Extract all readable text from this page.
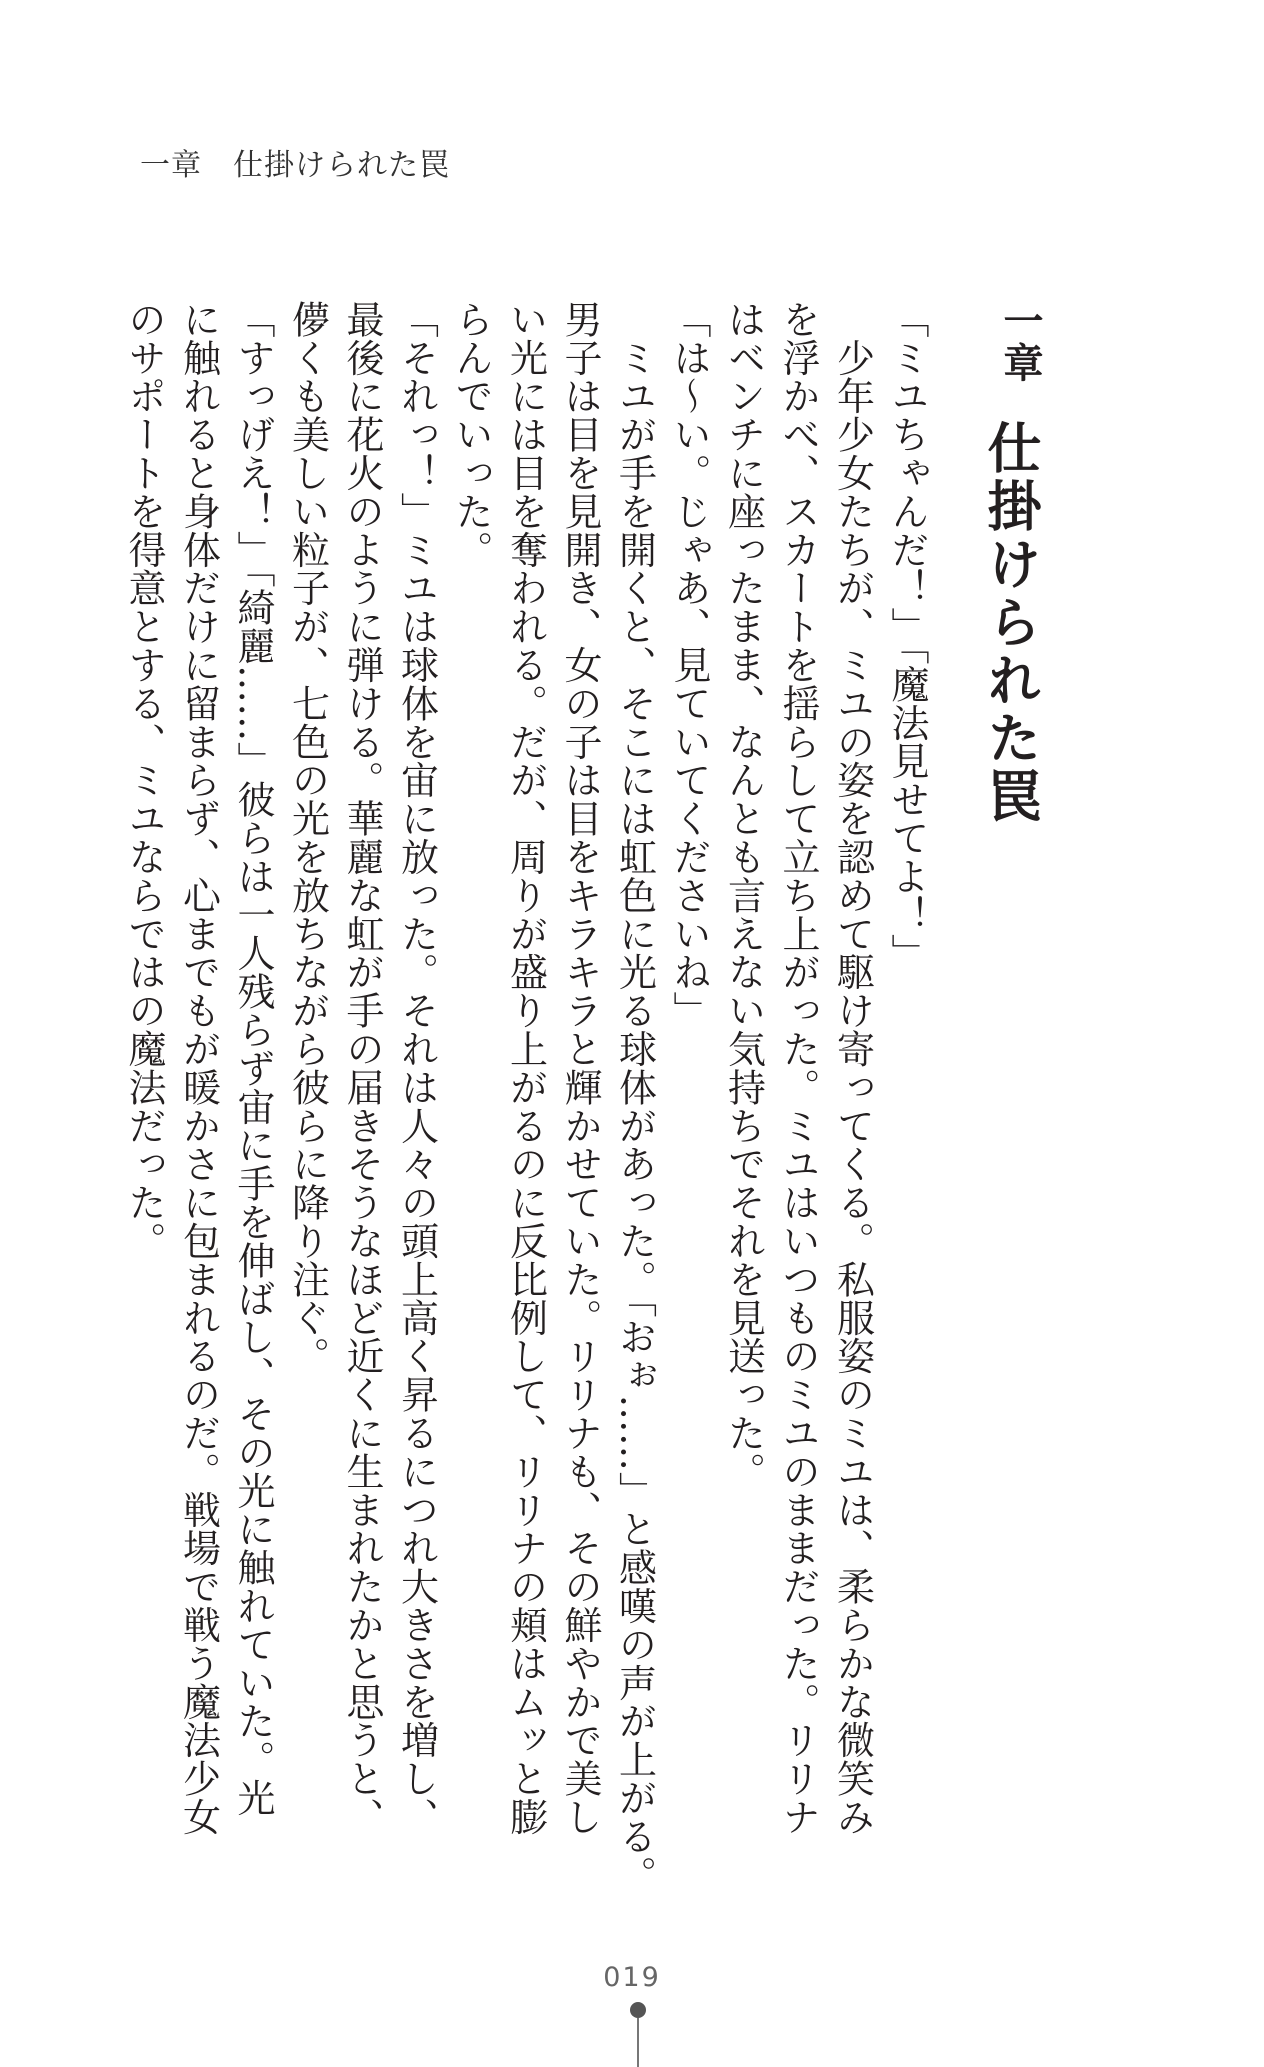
一章　仕掛けられた罠
一章
仕掛けられた罠
「ミユちゃんだ！」「魔法見せてよ！」
　少年少女たちが、ミユの姿を認めて駆け寄ってくる。私服姿のミユは、柔らかな微笑み
を浮かべ、スカートを揺らして立ち上がった。ミユはいつものミユのままだった。リリナ
はベンチに座ったまま、なんとも言えない気持ちでそれを見送った。
「は～い。じゃあ、見ていてくださいね」
　ミユが手を開くと、そこには虹色に光る球体があった。「おぉ……」と感嘆の声が上がる。
男子は目を見開き、女の子は目をキラキラと輝かせていた。リリナも、その鮮やかで美し
い光には目を奪われる。だが、周りが盛り上がるのに反比例して、リリナの頬はムッと膨
らんでいった。
「それっ！」ミユは球体を宙に放った。それは人々の頭上高く昇るにつれ大きさを増し、
最後に花火のように弾ける。華麗な虹が手の届きそうなほど近くに生まれたかと思うと、
儚くも美しい粒子が、七色の光を放ちながら彼らに降り注ぐ。
「すっげえ！」「綺麗……」彼らは一人残らず宙に手を伸ばし、その光に触れていた。光
に触れると身体だけに留まらず、心までもが暖かさに包まれるのだ。戦場で戦う魔法少女
のサポートを得意とする、ミユならではの魔法だった。
019
